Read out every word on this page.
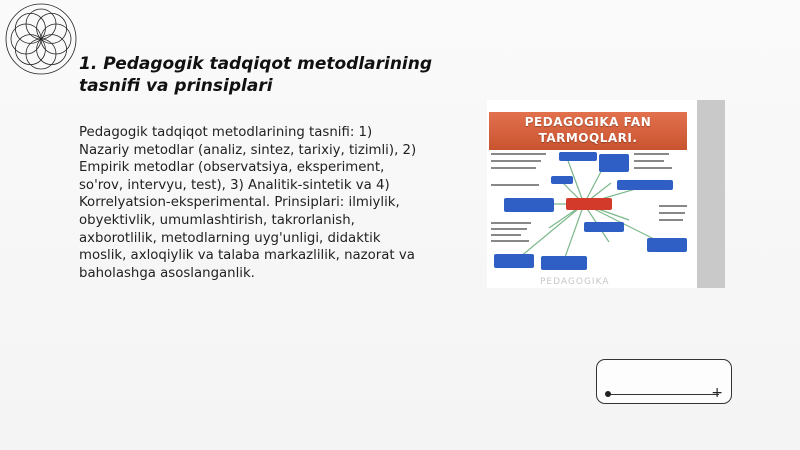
1. Pedagogik tadqiqot metodlarining
tasnifi va prinsiplari
Pedagogik tadqiqot metodlarining tasnifi: 1) Nazariy metodlar (analiz, sintez, tarixiy, tizimli), 2) Empirik metodlar (observatsiya, eksperiment, so'rov, intervyu, test), 3) Analitik-sintetik va 4) Korrelyatsion-eksperimental. Prinsiplari: ilmiylik, obyektivlik, umumlashtirish, takrorlanish, axborotlilik, metodlarning uyg'unligi, didaktik moslik, axloqiylik va talaba markazlilik, nazorat va baholashga asoslanganlik.
PEDAGOGIKA FAN
TARMOQLARI.
PEDAGOGIKA
+
